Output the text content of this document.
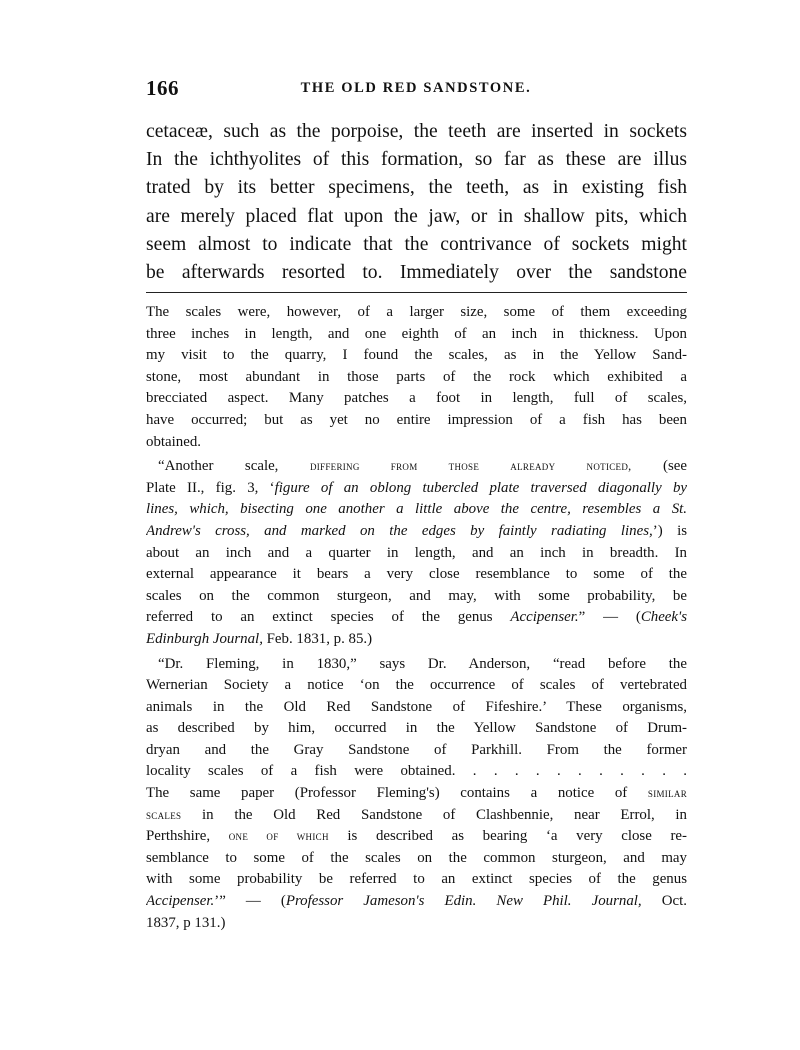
166	THE OLD RED SANDSTONE.
cetaceæ, such as the porpoise, the teeth are inserted in sockets
In the ichthyolites of this formation, so far as these are illus
trated by its better specimens, the teeth, as in existing fish
are merely placed flat upon the jaw, or in shallow pits, which
seem almost to indicate that the contrivance of sockets might
be afterwards resorted to. Immediately over the sandstone
The scales were, however, of a larger size, some of them exceeding
three inches in length, and one eighth of an inch in thickness. Upon
my visit to the quarry, I found the scales, as in the Yellow Sand-
stone, most abundant in those parts of the rock which exhibited a
brecciated aspect. Many patches a foot in length, full of scales,
have occurred; but as yet no entire impression of a fish has been
obtained.
“Another scale, differing from those already noticed, (see
Plate II., fig. 3, ‘figure of an oblong tubercled plate traversed diagonally by
lines, which, bisecting one another a little above the centre, resembles a St.
Andrew's cross, and marked on the edges by faintly radiating lines,’) is
about an inch and a quarter in length, and an inch in breadth. In
external appearance it bears a very close resemblance to some of the
scales on the common sturgeon, and may, with some probability, be
referred to an extinct species of the genus Accipenser.” — (Cheek's
Edinburgh Journal, Feb. 1831, p. 85.)
“Dr. Fleming, in 1830,” says Dr. Anderson, “read before the
Wernerian Society a notice ‘on the occurrence of scales of vertebrated
animals in the Old Red Sandstone of Fifeshire.’ These organisms,
as described by him, occurred in the Yellow Sandstone of Drum-
dryan and the Gray Sandstone of Parkhill. From the former
locality scales of a fish were obtained. . . . . . . . . . . .
The same paper (Professor Fleming's) contains a notice of similar
scales in the Old Red Sandstone of Clashbennie, near Errol, in
Perthshire, one of which is described as bearing ‘a very close re-
semblance to some of the scales on the common sturgeon, and may
with some probability be referred to an extinct species of the genus
Accipenser.’” — (Professor Jameson's Edin. New Phil. Journal, Oct.
1837, p 131.)
